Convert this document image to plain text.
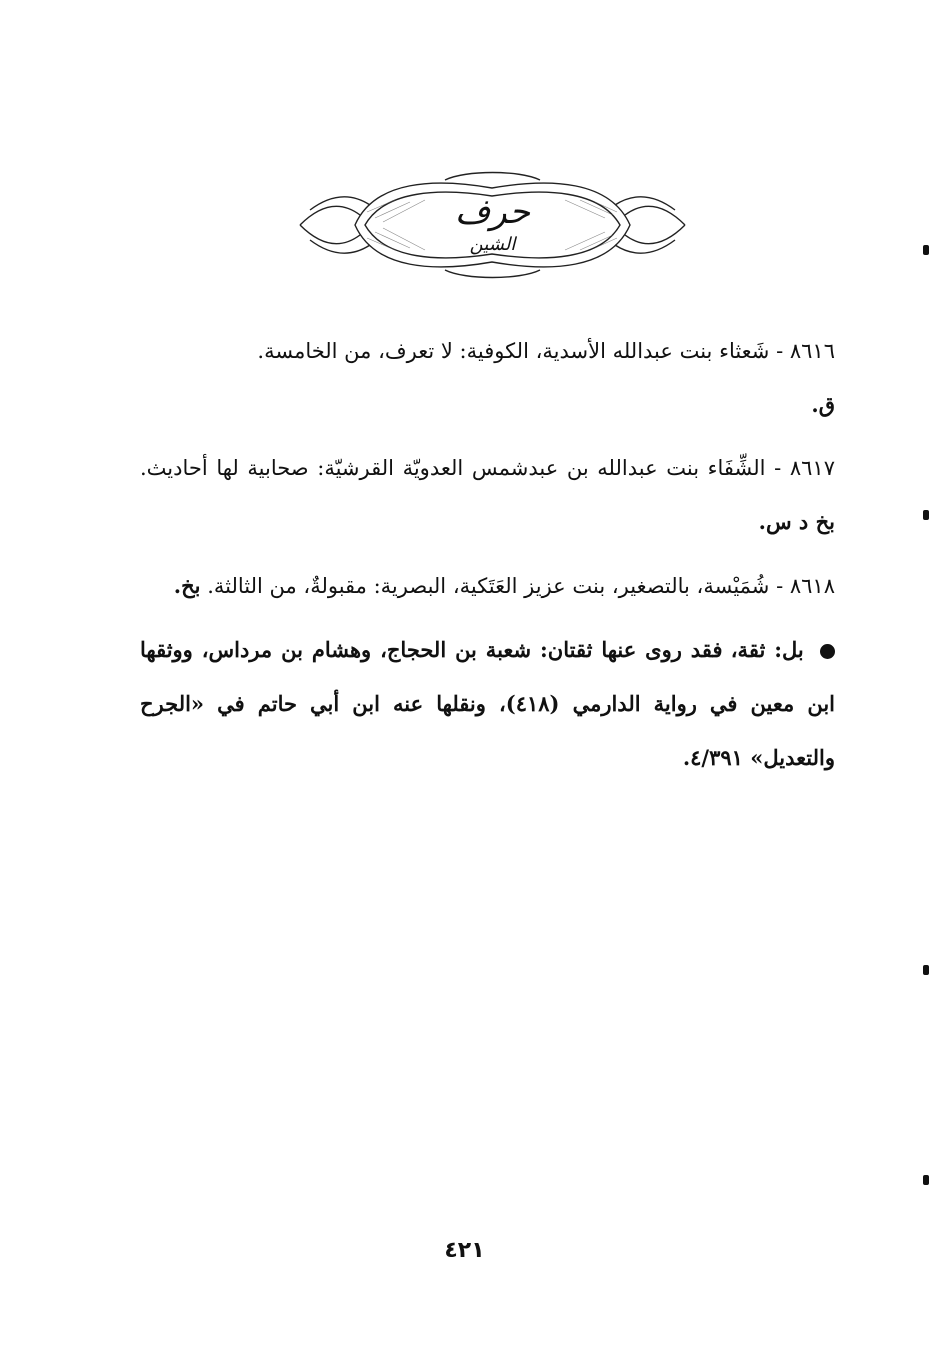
حرف
الشين

٨٦١٦ - شَعثاء بنت عبدالله الأسدية، الكوفية: لا تعرف، من الخامسة.
ق.

٨٦١٧ - الشِّفَاء بنت عبدالله بن عبدشمس العدويّة القرشيّة: صحابية لها أحاديث. بخ د س.

٨٦١٨ - شُمَيْسة، بالتصغير، بنت عزيز العَتَكية، البصرية: مقبولةٌ، من الثالثة. بخ.

بل: ثقة، فقد روى عنها ثقتان: شعبة بن الحجاج، وهشام بن مرداس، ووثقها ابن معين في رواية الدارمي (٤١٨)، ونقلها عنه ابن أبي حاتم في «الجرح والتعديل» ٤/٣٩١.

٤٢١
